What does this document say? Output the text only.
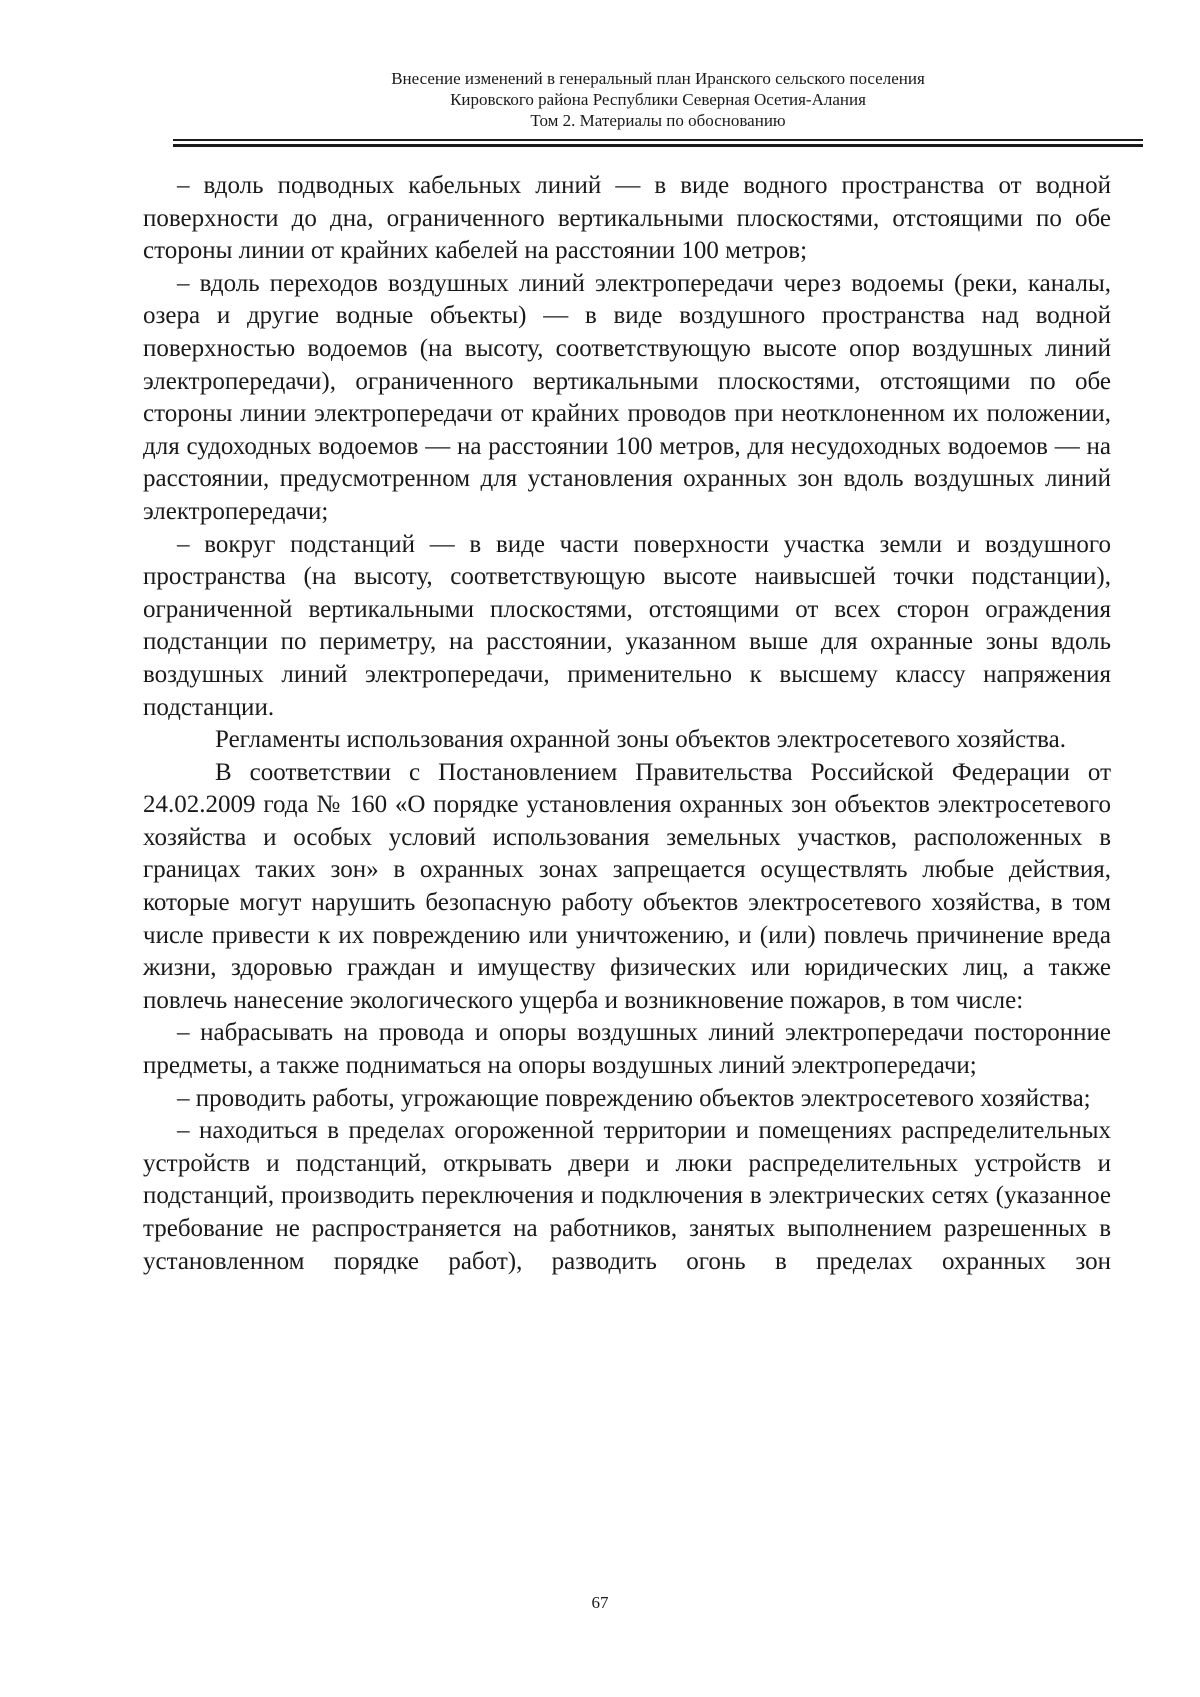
Внесение изменений в генеральный план Иранского сельского поселения
Кировского района Республики Северная Осетия-Алания
Том 2. Материалы по обоснованию

– вдоль подводных кабельных линий — в виде водного пространства от водной поверхности до дна, ограниченного вертикальными плоскостями, отстоящими по обе стороны линии от крайних кабелей на расстоянии 100 метров;

– вдоль переходов воздушных линий электропередачи через водоемы (реки, каналы, озера и другие водные объекты) — в виде воздушного пространства над водной поверхностью водоемов (на высоту, соответствующую высоте опор воздушных линий электропередачи), ограниченного вертикальными плоскостями, отстоящими по обе стороны линии электропередачи от крайних проводов при неотклоненном их положении, для судоходных водоемов — на расстоянии 100 метров, для несудоходных водоемов — на расстоянии, предусмотренном для установления охранных зон вдоль воздушных линий электропередачи;

– вокруг подстанций — в виде части поверхности участка земли и воздушного пространства (на высоту, соответствующую высоте наивысшей точки подстанции), ограниченной вертикальными плоскостями, отстоящими от всех сторон ограждения подстанции по периметру, на расстоянии, указанном выше для охранные зоны вдоль воздушных линий электропередачи, применительно к высшему классу напряжения подстанции.

Регламенты использования охранной зоны объектов электросетевого хозяйства.

В соответствии с Постановлением Правительства Российской Федерации от 24.02.2009 года № 160 «О порядке установления охранных зон объектов электросетевого хозяйства и особых условий использования земельных участков, расположенных в границах таких зон» в охранных зонах запрещается осуществлять любые действия, которые могут нарушить безопасную работу объектов электросетевого хозяйства, в том числе привести к их повреждению или уничтожению, и (или) повлечь причинение вреда жизни, здоровью граждан и имуществу физических или юридических лиц, а также повлечь нанесение экологического ущерба и возникновение пожаров, в том числе:

– набрасывать на провода и опоры воздушных линий электропередачи посторонние предметы, а также подниматься на опоры воздушных линий электропередачи;

– проводить работы, угрожающие повреждению объектов электросетевого хозяйства;

– находиться в пределах огороженной территории и помещениях распределительных устройств и подстанций, открывать двери и люки распределительных устройств и подстанций, производить переключения и подключения в электрических сетях (указанное требование не распространяется на работников, занятых выполнением разрешенных в установленном порядке работ), разводить огонь в пределах охранных зон

67
